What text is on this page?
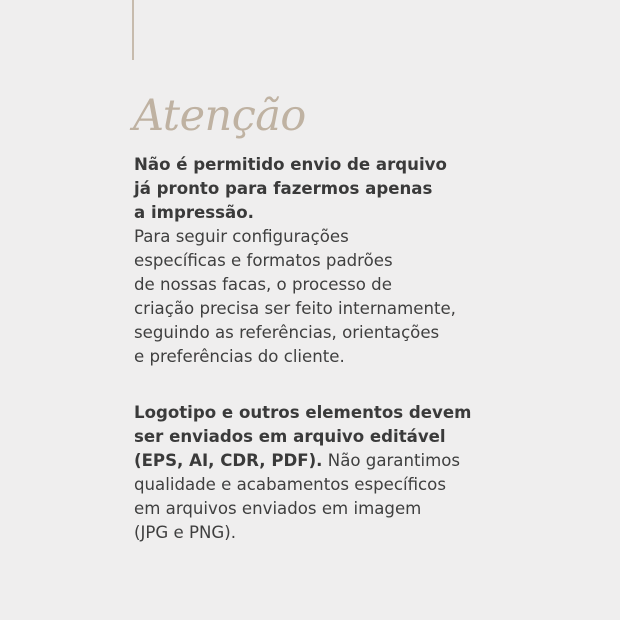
Atenção

Não é permitido envio de arquivo
já pronto para fazermos apenas
a impressão.
Para seguir configurações
específicas e formatos padrões
de nossas facas, o processo de
criação precisa ser feito internamente,
seguindo as referências, orientações
e preferências do cliente.

Logotipo e outros elementos devem
ser enviados em arquivo editável
(EPS, AI, CDR, PDF). Não garantimos
qualidade e acabamentos específicos
em arquivos enviados em imagem
(JPG e PNG).
